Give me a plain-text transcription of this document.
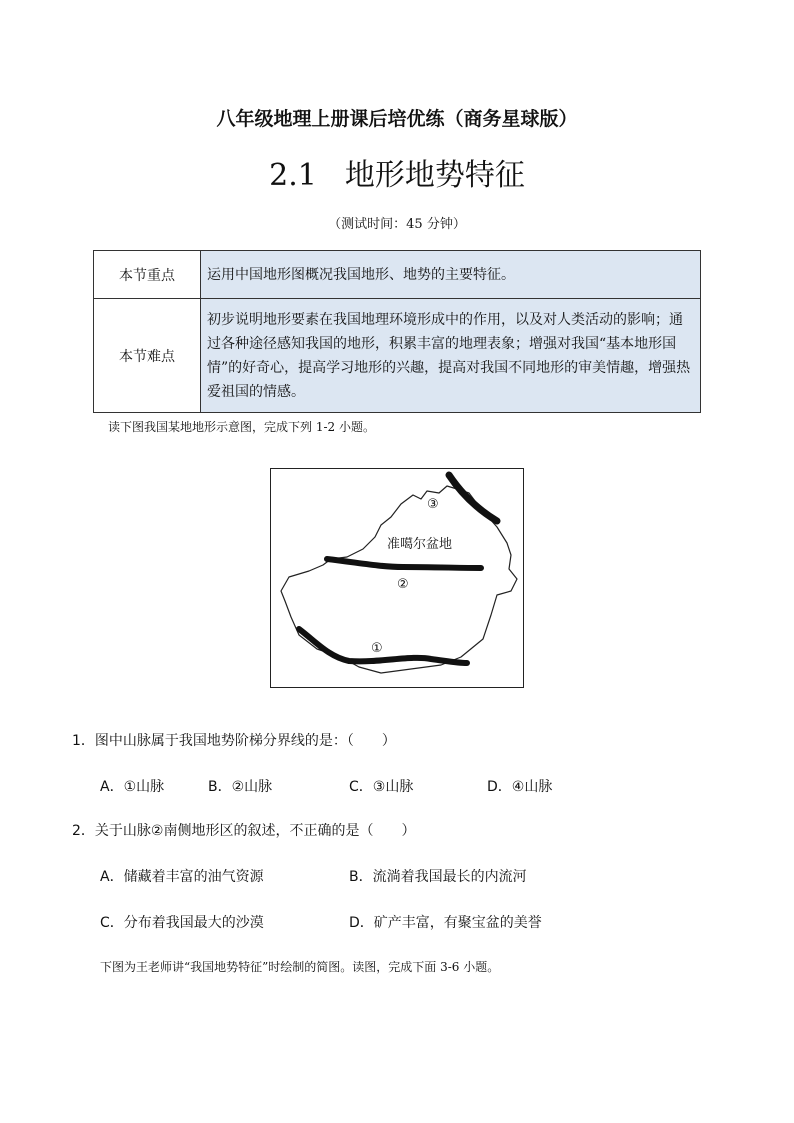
八年级地理上册课后培优练（商务星球版）
2.1 地形地势特征
（测试时间：45 分钟）
本节重点	运用中国地形图概况我国地形、地势的主要特征。
本节难点	初步说明地形要素在我国地理环境形成中的作用，以及对人类活动的影响；通过各种途径感知我国的地形，积累丰富的地理表象；增强对我国“基本地形国情”的好奇心，提高学习地形的兴趣，提高对我国不同地形的审美情趣，增强热爱祖国的情感。
读下图我国某地地形示意图，完成下列 1-2 小题。
准噶尔盆地
②
③
①
1．图中山脉属于我国地势阶梯分界线的是：（　　）
A．①山脉	B．②山脉	C．③山脉	D．④山脉
2．关于山脉②南侧地形区的叙述，不正确的是（　　）
A．储藏着丰富的油气资源	B．流淌着我国最长的内流河
C．分布着我国最大的沙漠	D．矿产丰富，有聚宝盆的美誉
下图为王老师讲“我国地势特征”时绘制的简图。读图，完成下面 3-6 小题。
